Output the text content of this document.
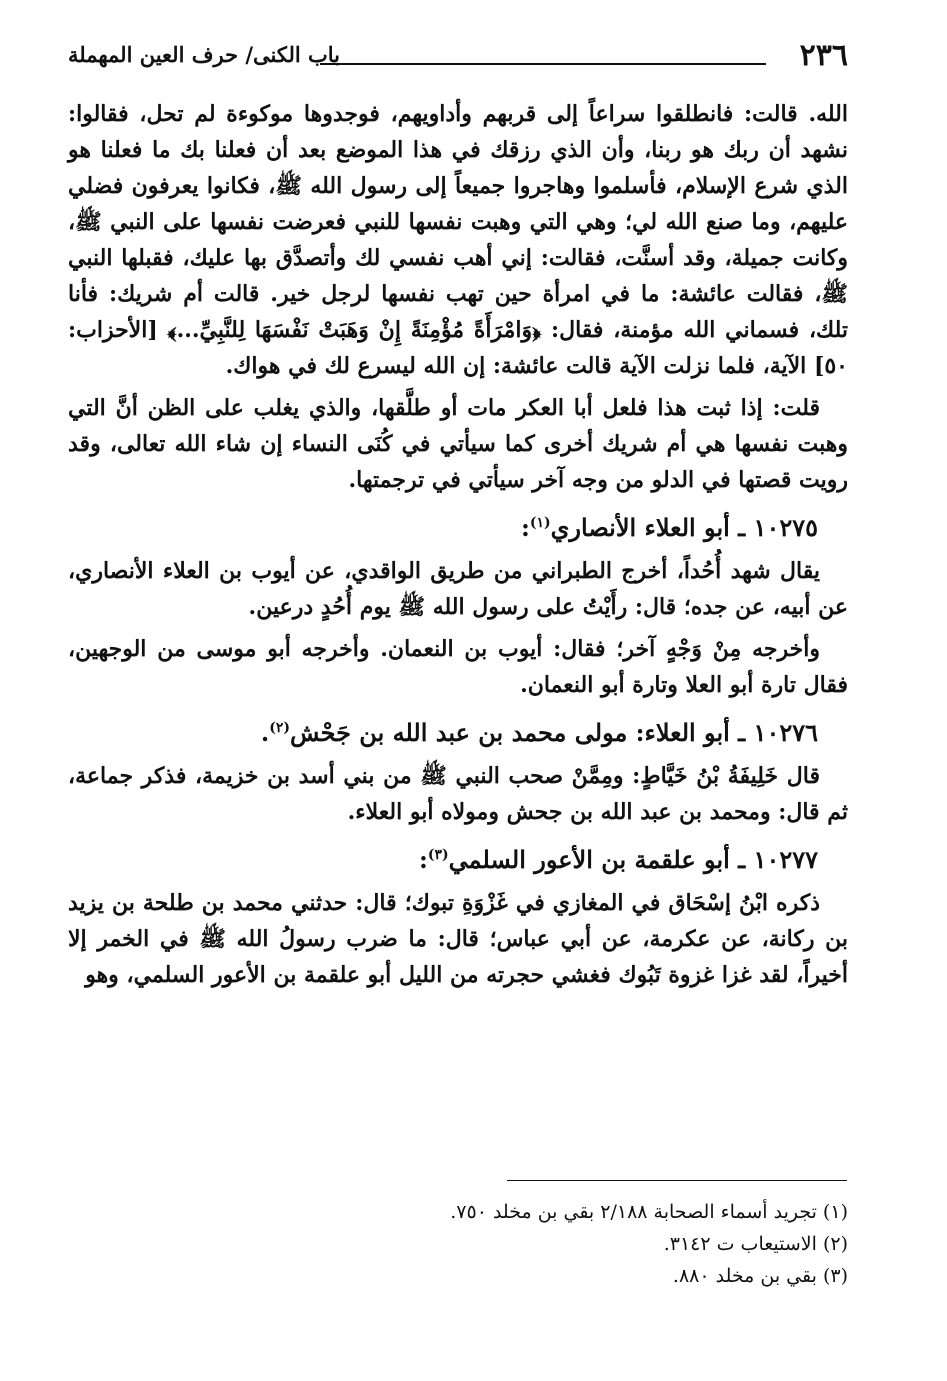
٢٣٦
باب الكنى/ حرف العين المهملة

الله. قالت: فانطلقوا سراعاً إلى قربهم وأداويهم، فوجدوها موكوءة لم تحل، فقالوا: نشهد أن ربك هو ربنا، وأن الذي رزقك في هذا الموضع بعد أن فعلنا بك ما فعلنا هو الذي شرع الإسلام، فأسلموا وهاجروا جميعاً إلى رسول الله ﷺ، فكانوا يعرفون فضلي عليهم، وما صنع الله لي؛ وهي التي وهبت نفسها للنبي فعرضت نفسها على النبي ﷺ، وكانت جميلة، وقد أسنَّت، فقالت: إني أهب نفسي لك وأتصدَّق بها عليك، فقبلها النبي ﷺ، فقالت عائشة: ما في امرأة حين تهب نفسها لرجل خير. قالت أم شريك: فأنا تلك، فسماني الله مؤمنة، فقال: ﴿وَامْرَأَةً مُؤْمِنَةً إِنْ وَهَبَتْ نَفْسَهَا لِلنَّبِيِّ...﴾ [الأحزاب: ٥٠] الآية، فلما نزلت الآية قالت عائشة: إن الله ليسرع لك في هواك.

قلت: إذا ثبت هذا فلعل أبا العكر مات أو طلَّقها، والذي يغلب على الظن أنَّ التي وهبت نفسها هي أم شريك أخرى كما سيأتي في كُنَى النساء إن شاء الله تعالى، وقد رويت قصتها في الدلو من وجه آخر سيأتي في ترجمتها.

١٠٢٧٥ ـ أبو العلاء الأنصاري$^{(١)}$:

يقال شهد أُحُداً، أخرج الطبراني من طريق الواقدي، عن أيوب بن العلاء الأنصاري، عن أبيه، عن جده؛ قال: رأَيْتُ على رسول الله ﷺ يوم أُحُدٍ درعين.

وأخرجه مِنْ وَجْهٍ آخر؛ فقال: أيوب بن النعمان. وأخرجه أبو موسى من الوجهين، فقال تارة أبو العلا وتارة أبو النعمان.

١٠٢٧٦ ـ أبو العلاء: مولى محمد بن عبد الله بن جَحْش$^{(٢)}$.

قال خَلِيفَةُ بْنُ خَيَّاطٍ: ومِمَّنْ صحب النبي ﷺ من بني أسد بن خزيمة، فذكر جماعة، ثم قال: ومحمد بن عبد الله بن جحش ومولاه أبو العلاء.

١٠٢٧٧ ـ أبو علقمة بن الأعور السلمي$^{(٣)}$:

ذكره ابْنُ إسْحَاق في المغازي في غَزْوَةِ تبوك؛ قال: حدثني محمد بن طلحة بن يزيد بن ركانة، عن عكرمة، عن أبي عباس؛ قال: ما ضرب رسولُ الله ﷺ في الخمر إلا أخيراً، لقد غزا غزوة تَبُوك فغشي حجرته من الليل أبو علقمة بن الأعور السلمي، وهو

(١) تجريد أسماء الصحابة ٢/١٨٨ بقي بن مخلد ٧٥٠.

(٢) الاستيعاب ت ٣١٤٢.

(٣) بقي بن مخلد ٨٨٠.
